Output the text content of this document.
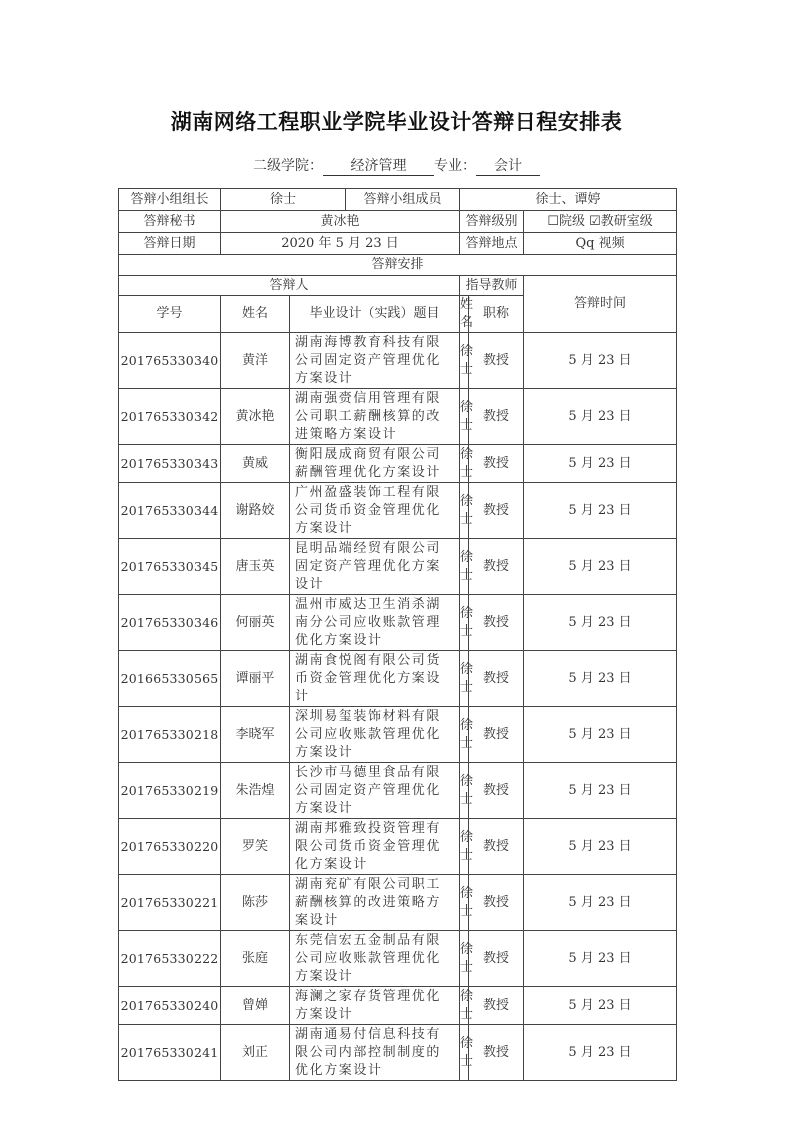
湖南网络工程职业学院毕业设计答辩日程安排表
二级学院： 经济管理 专业： 会计
答辩小组组长	徐士		答辩小组成员	徐士、谭婷		
答辩秘书	黄冰艳			答辩级别		☐院级 ☑教研室级
答辩日期	2020 年 5 月 23 日			答辩地点		Qq 视频
答辩安排						
答辩人				指导教师		答辩时间
学号	姓名	毕业设计（实践）题目		姓名	职称	
201765330340	黄洋	湖南海博教育科技有限公司固定资产管理优化方案设计		徐士	教授	5 月 23 日
201765330342	黄冰艳	湖南强赍信用管理有限公司职工薪酬核算的改进策略方案设计		徐士	教授	5 月 23 日
201765330343	黄威	衡阳晟成商贸有限公司薪酬管理优化方案设计		徐士	教授	5 月 23 日
201765330344	谢路姣	广州盈盛装饰工程有限公司货币资金管理优化方案设计		徐士	教授	5 月 23 日
201765330345	唐玉英	昆明品端经贸有限公司固定资产管理优化方案设计		徐士	教授	5 月 23 日
201765330346	何丽英	温州市威达卫生消杀湖南分公司应收账款管理优化方案设计		徐士	教授	5 月 23 日
201665330565	谭丽平	湖南食悦阁有限公司货币资金管理优化方案设计		徐士	教授	5 月 23 日
201765330218	李晓军	深圳易玺装饰材料有限公司应收账款管理优化方案设计		徐士	教授	5 月 23 日
201765330219	朱浩煌	长沙市马德里食品有限公司固定资产管理优化方案设计		徐士	教授	5 月 23 日
201765330220	罗笑	湖南邦雅致投资管理有限公司货币资金管理优化方案设计		徐士	教授	5 月 23 日
201765330221	陈莎	湖南兖矿有限公司职工薪酬核算的改进策略方案设计		徐士	教授	5 月 23 日
201765330222	张庭	东莞信宏五金制品有限公司应收账款管理优化方案设计		徐士	教授	5 月 23 日
201765330240	曾婵	海澜之家存货管理优化方案设计		徐士	教授	5 月 23 日
201765330241	刘正	湖南通易付信息科技有限公司内部控制制度的优化方案设计		徐士	教授	5 月 23 日
